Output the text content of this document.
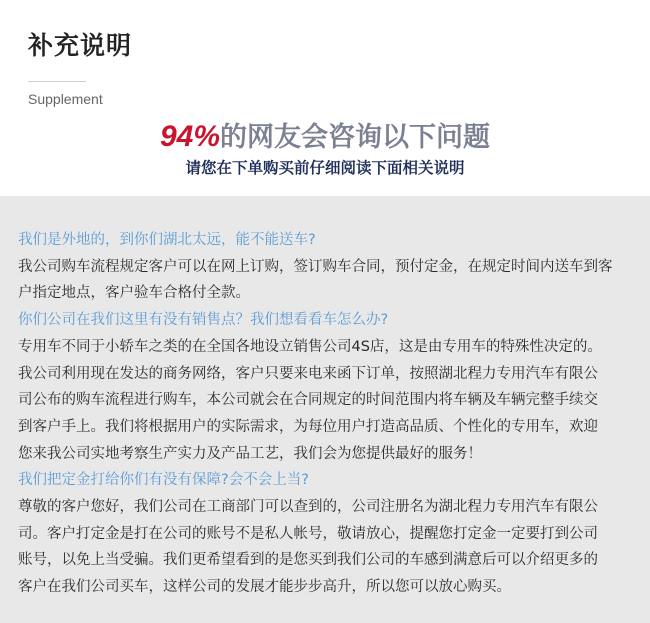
补充说明
Supplement
94%的网友会咨询以下问题
请您在下单购买前仔细阅读下面相关说明
我们是外地的，到你们湖北太远，能不能送车?
我公司购车流程规定客户可以在网上订购，签订购车合同，预付定金，在规定时间内送车到客
户指定地点，客户验车合格付全款。
你们公司在我们这里有没有销售点？我们想看看车怎么办?
专用车不同于小轿车之类的在全国各地设立销售公司4S店，这是由专用车的特殊性决定的。
我公司利用现在发达的商务网络，客户只要来电来函下订单，按照湖北程力专用汽车有限公
司公布的购车流程进行购车，本公司就会在合同规定的时间范围内将车辆及车辆完整手续交
到客户手上。我们将根据用户的实际需求，为每位用户打造高品质、个性化的专用车，欢迎
您来我公司实地考察生产实力及产品工艺，我们会为您提供最好的服务！
我们把定金打给你们有没有保障?会不会上当?
尊敬的客户您好，我们公司在工商部门可以查到的，公司注册名为湖北程力专用汽车有限公
司。客户打定金是打在公司的账号不是私人帐号，敬请放心，提醒您打定金一定要打到公司
账号，以免上当受骗。我们更希望看到的是您买到我们公司的车感到满意后可以介绍更多的
客户在我们公司买车，这样公司的发展才能步步高升，所以您可以放心购买。
